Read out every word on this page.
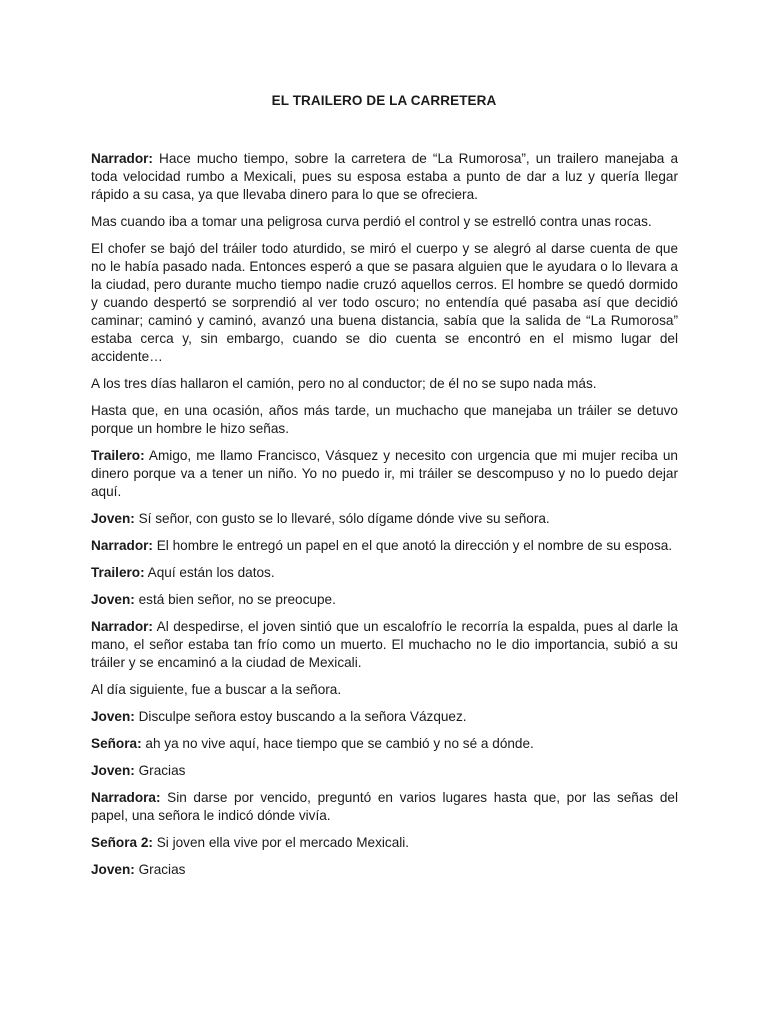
EL TRAILERO DE LA CARRETERA

Narrador: Hace mucho tiempo, sobre la carretera de “La Rumorosa”, un trailero manejaba a toda velocidad rumbo a Mexicali, pues su esposa estaba a punto de dar a luz y quería llegar rápido a su casa, ya que llevaba dinero para lo que se ofreciera.

Mas cuando iba a tomar una peligrosa curva perdió el control y se estrelló contra unas rocas.

El chofer se bajó del tráiler todo aturdido, se miró el cuerpo y se alegró al darse cuenta de que no le había pasado nada. Entonces esperó a que se pasara alguien que le ayudara o lo llevara a la ciudad, pero durante mucho tiempo nadie cruzó aquellos cerros. El hombre se quedó dormido y cuando despertó se sorprendió al ver todo oscuro; no entendía qué pasaba así que decidió caminar; caminó y caminó, avanzó una buena distancia, sabía que la salida de “La Rumorosa” estaba cerca y, sin embargo, cuando se dio cuenta se encontró en el mismo lugar del accidente…

A los tres días hallaron el camión, pero no al conductor; de él no se supo nada más.

Hasta que, en una ocasión, años más tarde, un muchacho que manejaba un tráiler se detuvo porque un hombre le hizo señas.

Trailero: Amigo, me llamo Francisco, Vásquez y necesito con urgencia que mi mujer reciba un dinero porque va a tener un niño. Yo no puedo ir, mi tráiler se descompuso y no lo puedo dejar aquí.

Joven: Sí señor, con gusto se lo llevaré, sólo dígame dónde vive su señora.

Narrador: El hombre le entregó un papel en el que anotó la dirección y el nombre de su esposa.

Trailero: Aquí están los datos.

Joven: está bien señor, no se preocupe.

Narrador: Al despedirse, el joven sintió que un escalofrío le recorría la espalda, pues al darle la mano, el señor estaba tan frío como un muerto. El muchacho no le dio importancia, subió a su tráiler y se encaminó a la ciudad de Mexicali.

Al día siguiente, fue a buscar a la señora.

Joven: Disculpe señora estoy buscando a la señora Vázquez.

Señora: ah ya no vive aquí, hace tiempo que se cambió y no sé a dónde.

Joven: Gracias

Narradora: Sin darse por vencido, preguntó en varios lugares hasta que, por las señas del papel, una señora le indicó dónde vivía.

Señora 2: Si joven ella vive por el mercado Mexicali.

Joven: Gracias
